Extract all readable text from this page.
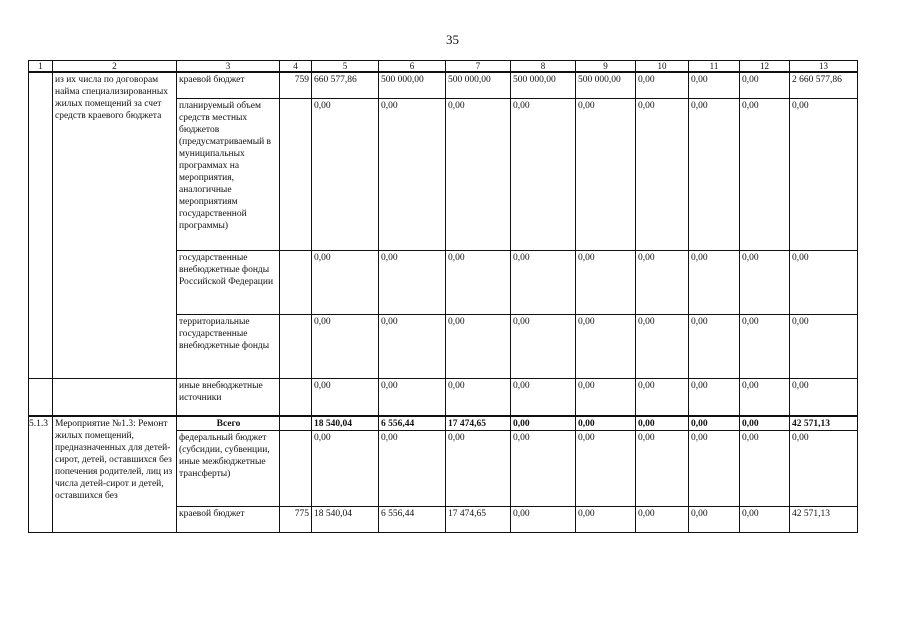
35
1	2	3	4	5	6	7	8	9	10	11	12	13
	из их числа по договорам найма специализированных жилых помещений за счет средств краевого бюджета	краевой бюджет	759	660 577,86	500 000,00	500 000,00	500 000,00	500 000,00	0,00	0,00	0,00	2 660 577,86
		планируемый объем средств местных бюджетов (предусматриваемый в муниципальных программах на мероприятия, аналогичные мероприятиям государственной программы)		0,00	0,00	0,00	0,00	0,00	0,00	0,00	0,00	0,00
		государственные внебюджетные фонды Российской Федерации		0,00	0,00	0,00	0,00	0,00	0,00	0,00	0,00	0,00
		территориальные государственные внебюджетные фонды		0,00	0,00	0,00	0,00	0,00	0,00	0,00	0,00	0,00
		иные внебюджетные источники		0,00	0,00	0,00	0,00	0,00	0,00	0,00	0,00	0,00
5.1.3	Мероприятие №1.3: Ремонт жилых помещений, предназначенных для детей-сирот, детей, оставшихся без попечения родителей, лиц из числа детей-сирот и детей, оставшихся без	Всего		18 540,04	6 556,44	17 474,65	0,00	0,00	0,00	0,00	0,00	42 571,13
		федеральный бюджет (субсидии, субвенции, иные межбюджетные трансферты)		0,00	0,00	0,00	0,00	0,00	0,00	0,00	0,00	0,00
		краевой бюджет	775	18 540,04	6 556,44	17 474,65	0,00	0,00	0,00	0,00	0,00	42 571,13
